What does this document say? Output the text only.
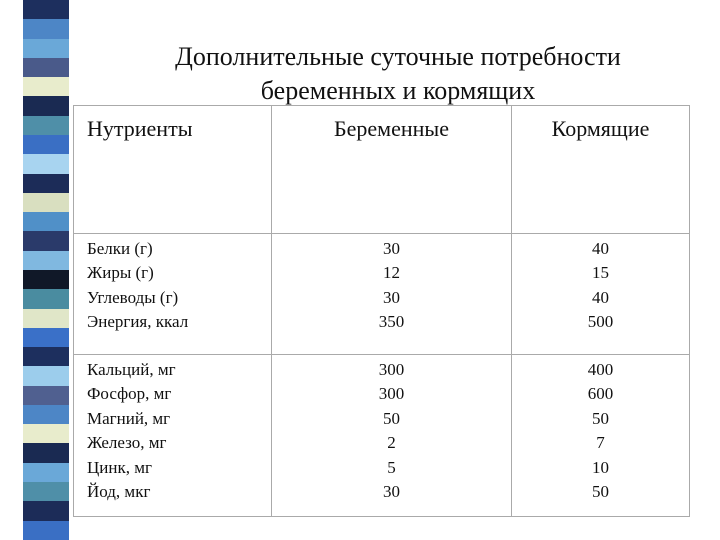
Дополнительные суточные потребности
беременных и кормящих
Нутриенты	Беременные	Кормящие
Белки (г)
Жиры (г)
Углеводы (г)
Энергия, ккал
30
12
30
350
40
15
40
500
Кальций, мг
Фосфор, мг
Магний, мг
Железо, мг
Цинк, мг
Йод, мкг
300
300
50
2
5
30
400
600
50
7
10
50
